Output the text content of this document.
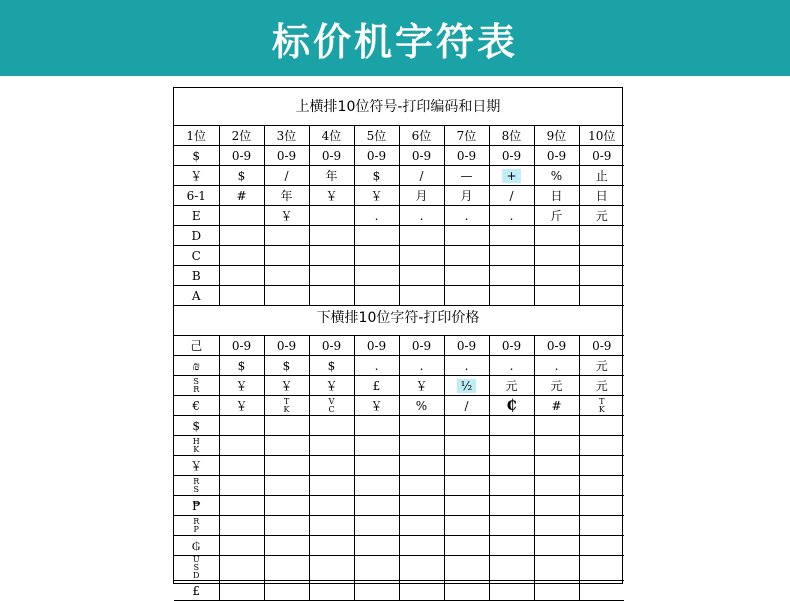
标价机字符表
上横排10位符号-打印编码和日期
1位	2位	3位	4位	5位	6位	7位	8位	9位	10位
$	0-9	0-9	0-9	0-9	0-9	0-9	0-9	0-9	0-9
￥	$	/	年	$	/	—	+	%	止
6-1	#	年	￥	￥	月	月	/	日	日
E		￥		.	.	.	.	斤	元
D									
C									
B									
A									
下横排10位字符-打印价格
己	0-9	0-9	0-9	0-9	0-9	0-9	0-9	0-9	0-9
₪	$	$	$	.	.	.	.	.	元
SR	￥	￥	￥	£	￥	½	元	元	元
€	￥	TK	VC	￥	%	/	₵	#	TK
$									
HK									
￥									
RS									
₱									
RP									
₲									
USD									
£									
